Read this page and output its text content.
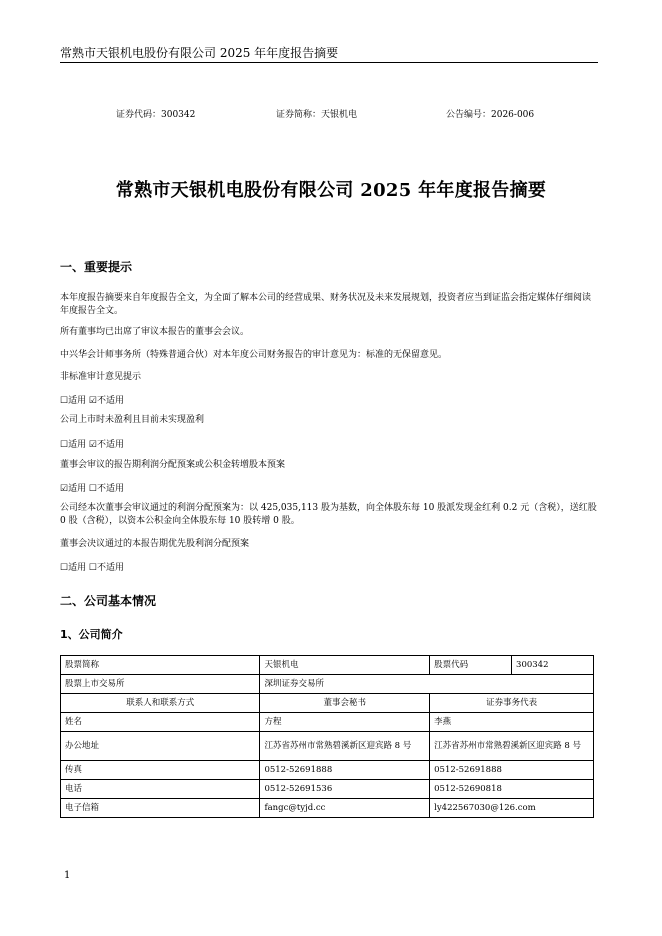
常熟市天银机电股份有限公司 2025 年年度报告摘要
证券代码：300342	证券简称：天银机电	公告编号：2026-006
常熟市天银机电股份有限公司 2025 年年度报告摘要
一、重要提示
本年度报告摘要来自年度报告全文，为全面了解本公司的经营成果、财务状况及未来发展规划，投资者应当到证监会指定媒体仔细阅读年度报告全文。
所有董事均已出席了审议本报告的董事会会议。
中兴华会计师事务所（特殊普通合伙）对本年度公司财务报告的审计意见为：标准的无保留意见。
非标准审计意见提示
☐适用 ☑不适用
公司上市时未盈利且目前未实现盈利
☐适用 ☑不适用
董事会审议的报告期利润分配预案或公积金转增股本预案
☑适用 ☐不适用
公司经本次董事会审议通过的利润分配预案为：以 425,035,113 股为基数，向全体股东每 10 股派发现金红利 0.2 元（含税），送红股 0 股（含税），以资本公积金向全体股东每 10 股转增 0 股。
董事会决议通过的本报告期优先股利润分配预案
☐适用 ☐不适用
二、公司基本情况
1、公司简介
股票简称	天银机电	股票代码	300342
股票上市交易所	深圳证券交易所		
联系人和联系方式	董事会秘书	证券事务代表	
姓名	方程	李燕	
办公地址	江苏省苏州市常熟碧溪新区迎宾路 8 号	江苏省苏州市常熟碧溪新区迎宾路 8 号	
传真	0512-52691888	0512-52691888	
电话	0512-52691536	0512-52690818	
电子信箱	fangc@tyjd.cc	ly422567030@126.com	
1
